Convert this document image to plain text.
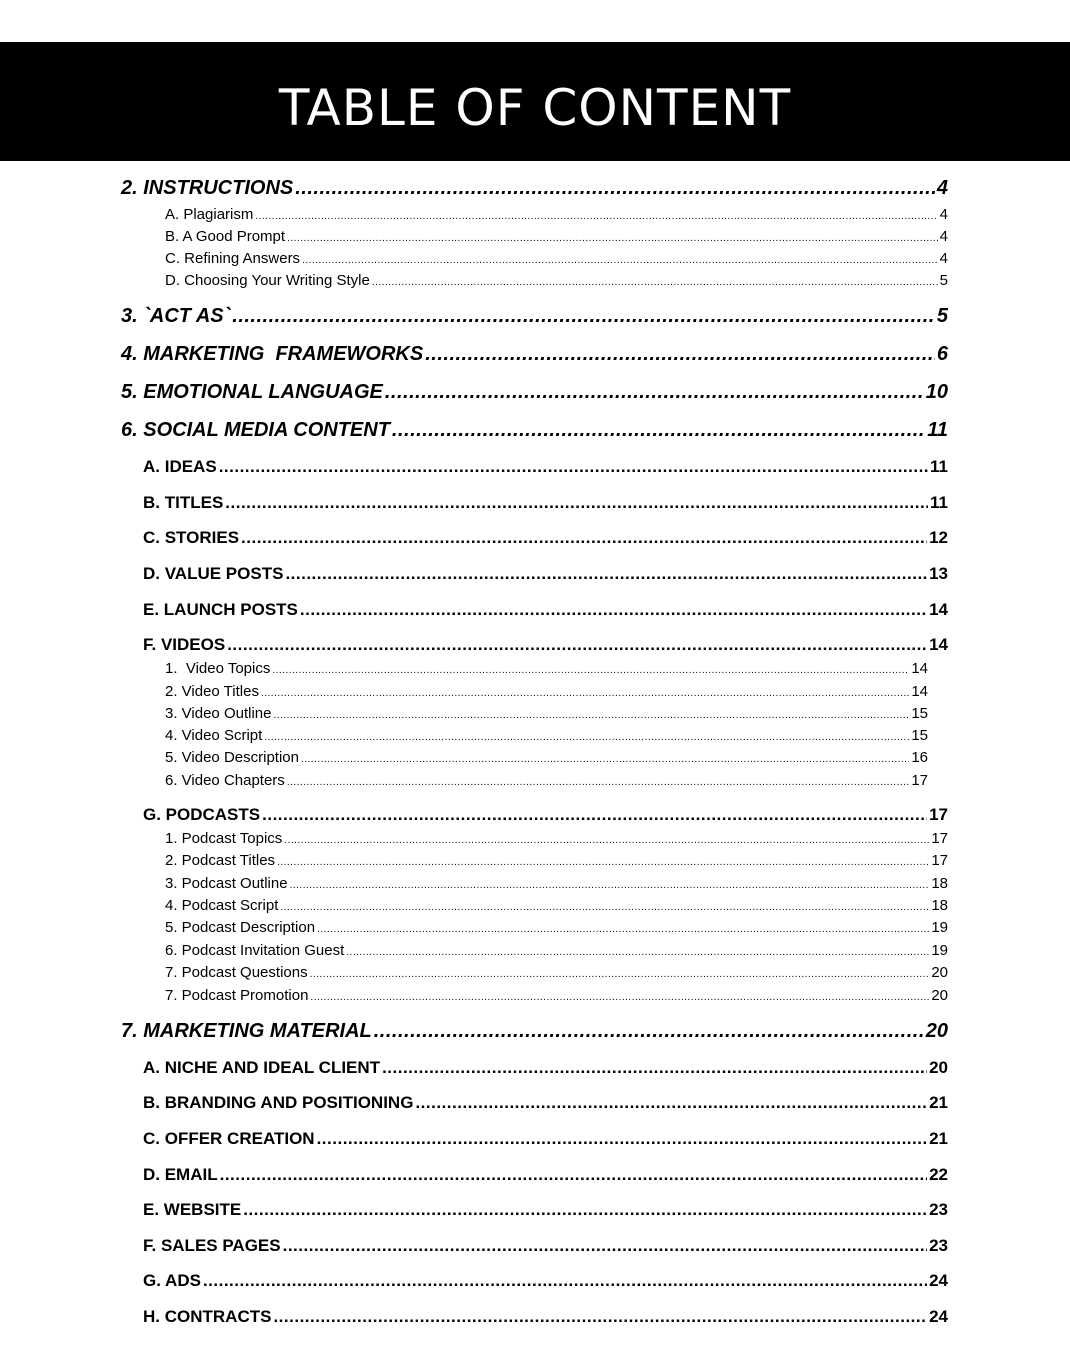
TABLE OF CONTENT
2. INSTRUCTIONS .....	4
A. Plagiarism .....	4
B. A Good Prompt .....	4
C. Refining Answers .....	4
D. Choosing Your Writing Style .....	5
3. `ACT AS` .....	5
4. MARKETING  FRAMEWORKS .....	6
5. EMOTIONAL LANGUAGE .....	10
6. SOCIAL MEDIA CONTENT .....	11
A. IDEAS .....	11
B. TITLES .....	11
C. STORIES .....	12
D. VALUE POSTS .....	13
E. LAUNCH POSTS .....	14
F. VIDEOS .....	14
1.  Video Topics .....	14
2. Video Titles .....	14
3. Video Outline .....	15
4. Video Script .....	15
5. Video Description .....	16
6. Video Chapters .....	17
G. PODCASTS .....	17
1. Podcast Topics .....	17
2. Podcast Titles .....	17
3. Podcast Outline .....	18
4. Podcast Script .....	18
5. Podcast Description .....	19
6. Podcast Invitation Guest .....	19
7. Podcast Questions .....	20
7. Podcast Promotion .....	20
7. MARKETING MATERIAL .....	20
A. NICHE AND IDEAL CLIENT .....	20
B. BRANDING AND POSITIONING .....	21
C. OFFER CREATION .....	21
D. EMAIL .....	22
E. WEBSITE .....	23
F. SALES PAGES .....	23
G. ADS .....	24
H. CONTRACTS .....	24
